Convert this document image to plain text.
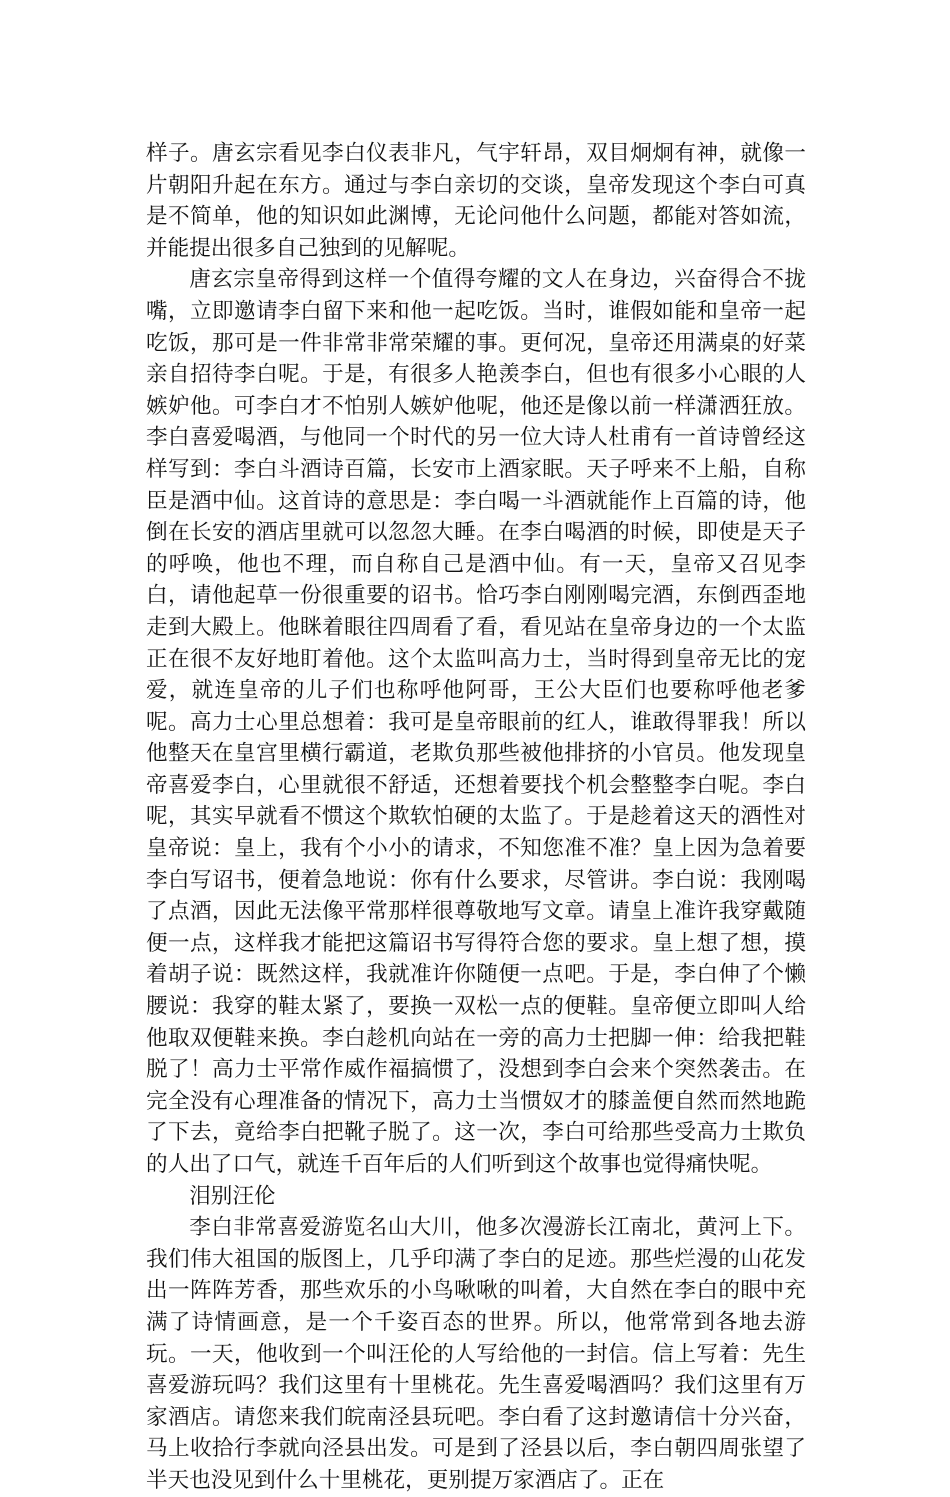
样子。唐玄宗看见李白仪表非凡，气宇轩昂，双目炯炯有神，就像一片朝阳升起在东方。通过与李白亲切的交谈，皇帝发现这个李白可真是不简单，他的知识如此渊博，无论问他什么问题，都能对答如流，并能提出很多自己独到的见解呢。

唐玄宗皇帝得到这样一个值得夸耀的文人在身边，兴奋得合不拢嘴，立即邀请李白留下来和他一起吃饭。当时，谁假如能和皇帝一起吃饭，那可是一件非常非常荣耀的事。更何况，皇帝还用满桌的好菜亲自招待李白呢。于是，有很多人艳羡李白，但也有很多小心眼的人嫉妒他。可李白才不怕别人嫉妒他呢，他还是像以前一样潇洒狂放。李白喜爱喝酒，与他同一个时代的另一位大诗人杜甫有一首诗曾经这样写到：李白斗酒诗百篇，长安市上酒家眠。天子呼来不上船，自称臣是酒中仙。这首诗的意思是：李白喝一斗酒就能作上百篇的诗，他倒在长安的酒店里就可以忽忽大睡。在李白喝酒的时候，即使是天子的呼唤，他也不理，而自称自己是酒中仙。有一天，皇帝又召见李白，请他起草一份很重要的诏书。恰巧李白刚刚喝完酒，东倒西歪地走到大殿上。他眯着眼往四周看了看，看见站在皇帝身边的一个太监正在很不友好地盯着他。这个太监叫高力士，当时得到皇帝无比的宠爱，就连皇帝的儿子们也称呼他阿哥，王公大臣们也要称呼他老爹呢。高力士心里总想着：我可是皇帝眼前的红人，谁敢得罪我！所以他整天在皇宫里横行霸道，老欺负那些被他排挤的小官员。他发现皇帝喜爱李白，心里就很不舒适，还想着要找个机会整整李白呢。李白呢，其实早就看不惯这个欺软怕硬的太监了。于是趁着这天的酒性对皇帝说：皇上，我有个小小的请求，不知您准不准？皇上因为急着要李白写诏书，便着急地说：你有什么要求，尽管讲。李白说：我刚喝了点酒，因此无法像平常那样很尊敬地写文章。请皇上准许我穿戴随便一点，这样我才能把这篇诏书写得符合您的要求。皇上想了想，摸着胡子说：既然这样，我就准许你随便一点吧。于是，李白伸了个懒腰说：我穿的鞋太紧了，要换一双松一点的便鞋。皇帝便立即叫人给他取双便鞋来换。李白趁机向站在一旁的高力士把脚一伸：给我把鞋脱了！高力士平常作威作福搞惯了，没想到李白会来个突然袭击。在完全没有心理准备的情况下，高力士当惯奴才的膝盖便自然而然地跪了下去，竟给李白把靴子脱了。这一次，李白可给那些受高力士欺负的人出了口气，就连千百年后的人们听到这个故事也觉得痛快呢。

泪别汪伦

李白非常喜爱游览名山大川，他多次漫游长江南北，黄河上下。我们伟大祖国的版图上，几乎印满了李白的足迹。那些烂漫的山花发出一阵阵芳香，那些欢乐的小鸟啾啾的叫着，大自然在李白的眼中充满了诗情画意，是一个千姿百态的世界。所以，他常常到各地去游玩。一天，他收到一个叫汪伦的人写给他的一封信。信上写着：先生喜爱游玩吗？我们这里有十里桃花。先生喜爱喝酒吗？我们这里有万家酒店。请您来我们皖南泾县玩吧。李白看了这封邀请信十分兴奋，马上收拾行李就向泾县出发。可是到了泾县以后，李白朝四周张望了半天也没见到什么十里桃花，更别提万家酒店了。正在
